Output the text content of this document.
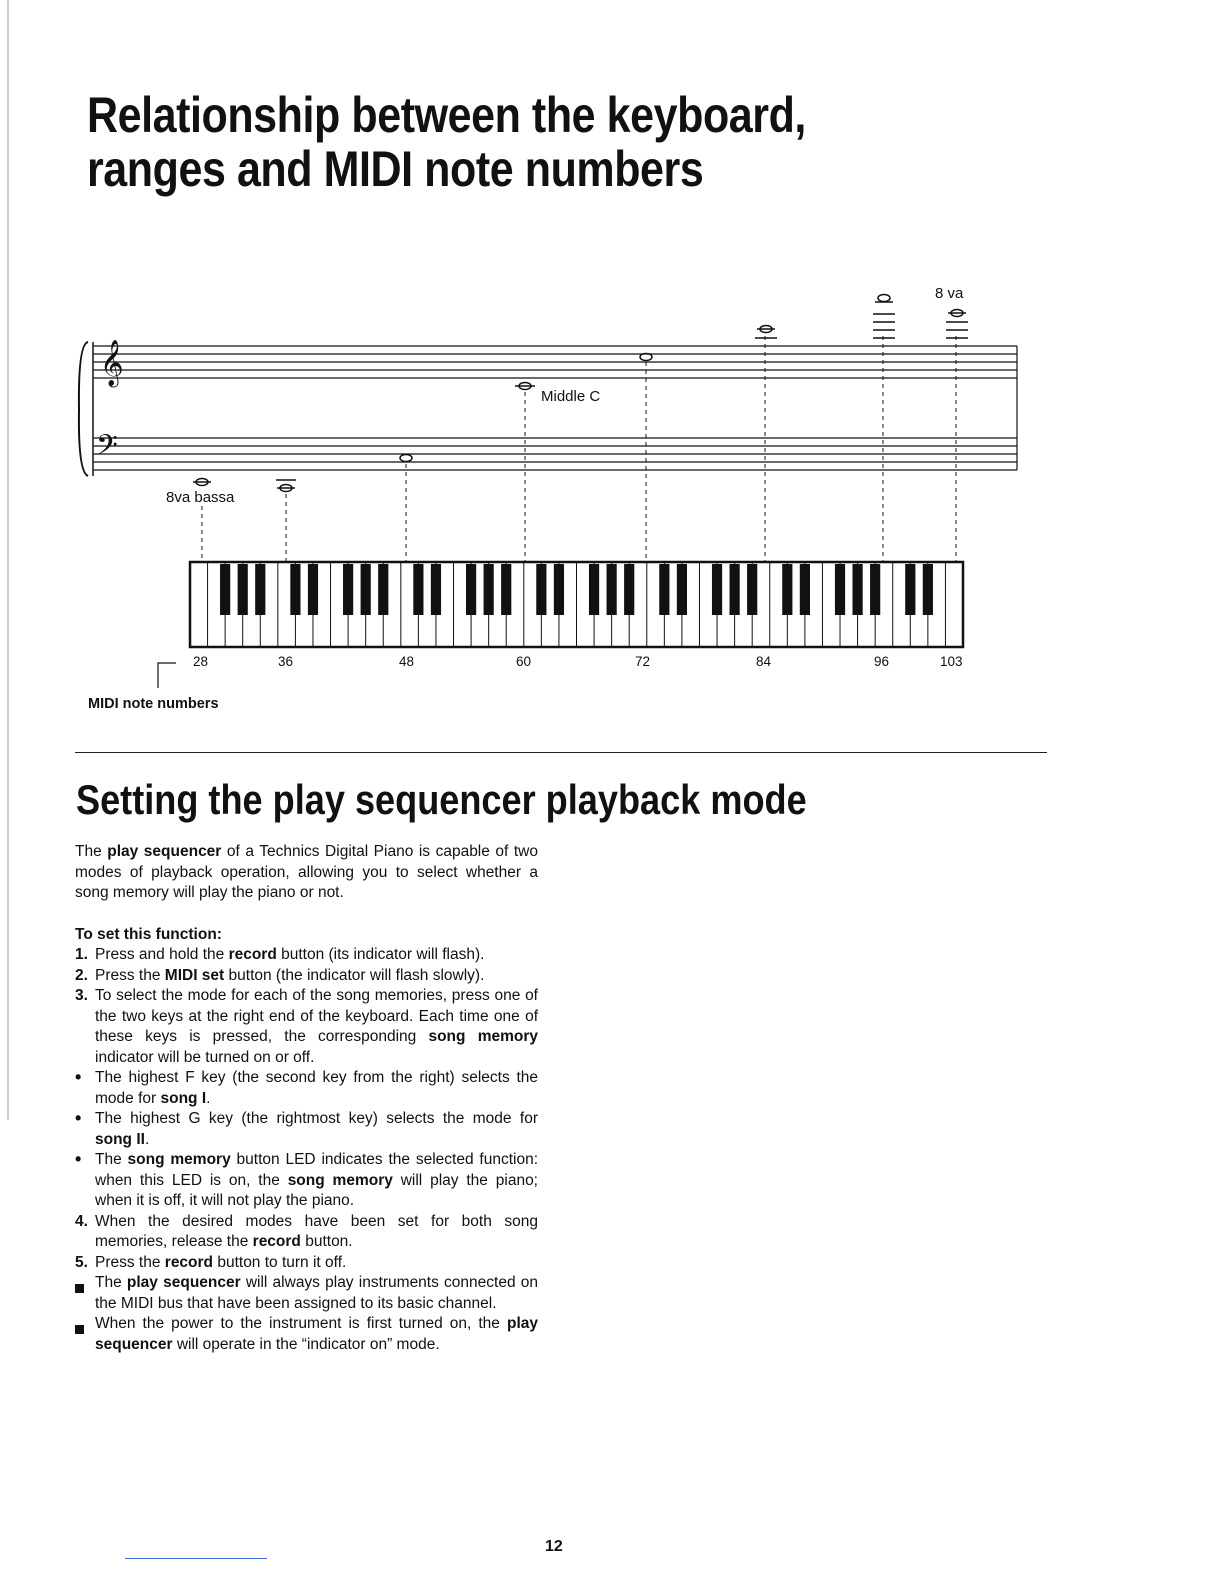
Relationship between the keyboard,
ranges and MIDI note numbers
𝄞
𝄢
8 va
8va bassa
Middle C
28	36	48	60	72	84	96	103
MIDI note numbers
Setting the play sequencer playback mode

The play sequencer of a Technics Digital Piano is capable of two modes of playback operation, allowing you to select whether a song memory will play the piano or not.

To set this function:
1. Press and hold the record button (its indicator will flash).
2. Press the MIDI set button (the indicator will flash slowly).
3. To select the mode for each of the song memories, press one of the two keys at the right end of the keyboard. Each time one of these keys is pressed, the corresponding song memory indicator will be turned on or off.
• The highest F key (the second key from the right) selects the mode for song I.
• The highest G key (the rightmost key) selects the mode for song II.
• The song memory button LED indicates the selected function: when this LED is on, the song memory will play the piano; when it is off, it will not play the piano.
4. When the desired modes have been set for both song memories, release the record button.
5. Press the record button to turn it off.
The play sequencer will always play instruments connected on the MIDI bus that have been assigned to its basic channel.
When the power to the instrument is first turned on, the play sequencer will operate in the “indicator on” mode.
12
